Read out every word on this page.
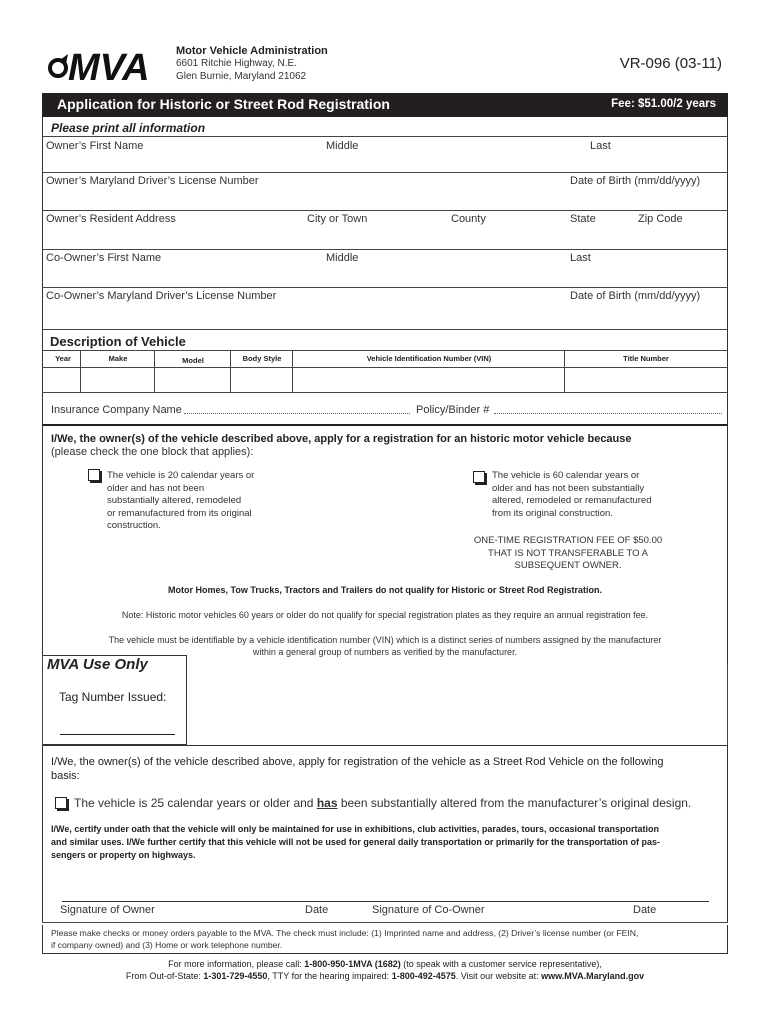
MVA Motor Vehicle Administration
6601 Ritchie Highway, N.E.
Glen Burnie, Maryland 21062
VR-096 (03-11)
Application for Historic or Street Rod Registration	Fee: $51.00/2 years
Please print all information
Owner’s First Name	Middle	Last
Owner’s Maryland Driver’s License Number	Date of Birth (mm/dd/yyyy)
Owner’s Resident Address	City or Town	County	State	Zip Code
Co-Owner’s First Name	Middle	Last
Co-Owner’s Maryland Driver’s License Number	Date of Birth (mm/dd/yyyy)
Description of Vehicle
Year	Make	Model	Body Style	Vehicle Identification Number (VIN)	Title Number
Insurance Company Name	Policy/Binder #
I/We, the owner(s) of the vehicle described above, apply for a registration for an historic motor vehicle because
(please check the one block that applies):
The vehicle is 20 calendar years or
older and has not been
substantially altered, remodeled
or remanufactured from its original
construction.
The vehicle is 60 calendar years or
older and has not been substantially
altered, remodeled or remanufactured
from its original construction.
ONE-TIME REGISTRATION FEE OF $50.00
THAT IS NOT TRANSFERABLE TO A
SUBSEQUENT OWNER.
Motor Homes, Tow Trucks, Tractors and Trailers do not qualify for Historic or Street Rod Registration.
Note: Historic motor vehicles 60 years or older do not qualify for special registration plates as they require an annual registration fee.
The vehicle must be identifiable by a vehicle identification number (VIN) which is a distinct series of numbers assigned by the manufacturer
within a general group of numbers as verified by the manufacturer.
MVA Use Only
Tag Number Issued:
I/We, the owner(s) of the vehicle described above, apply for registration of the vehicle as a Street Rod Vehicle on the following
basis:
The vehicle is 25 calendar years or older and has been substantially altered from the manufacturer’s original design.
I/We, certify under oath that the vehicle will only be maintained for use in exhibitions, club activities, parades, tours, occasional transportation
and similar uses. I/We further certify that this vehicle will not be used for general daily transportation or primarily for the transportation of pas-
sengers or property on highways.
Signature of Owner	Date	Signature of Co-Owner	Date
Please make checks or money orders payable to the MVA. The check must include: (1) Imprinted name and address, (2) Driver’s license number (or FEIN,
if company owned) and (3) Home or work telephone number.
For more information, please call: 1-800-950-1MVA (1682) (to speak with a customer service representative),
From Out-of-State: 1-301-729-4550, TTY for the hearing impaired: 1-800-492-4575. Visit our website at: www.MVA.Maryland.gov
